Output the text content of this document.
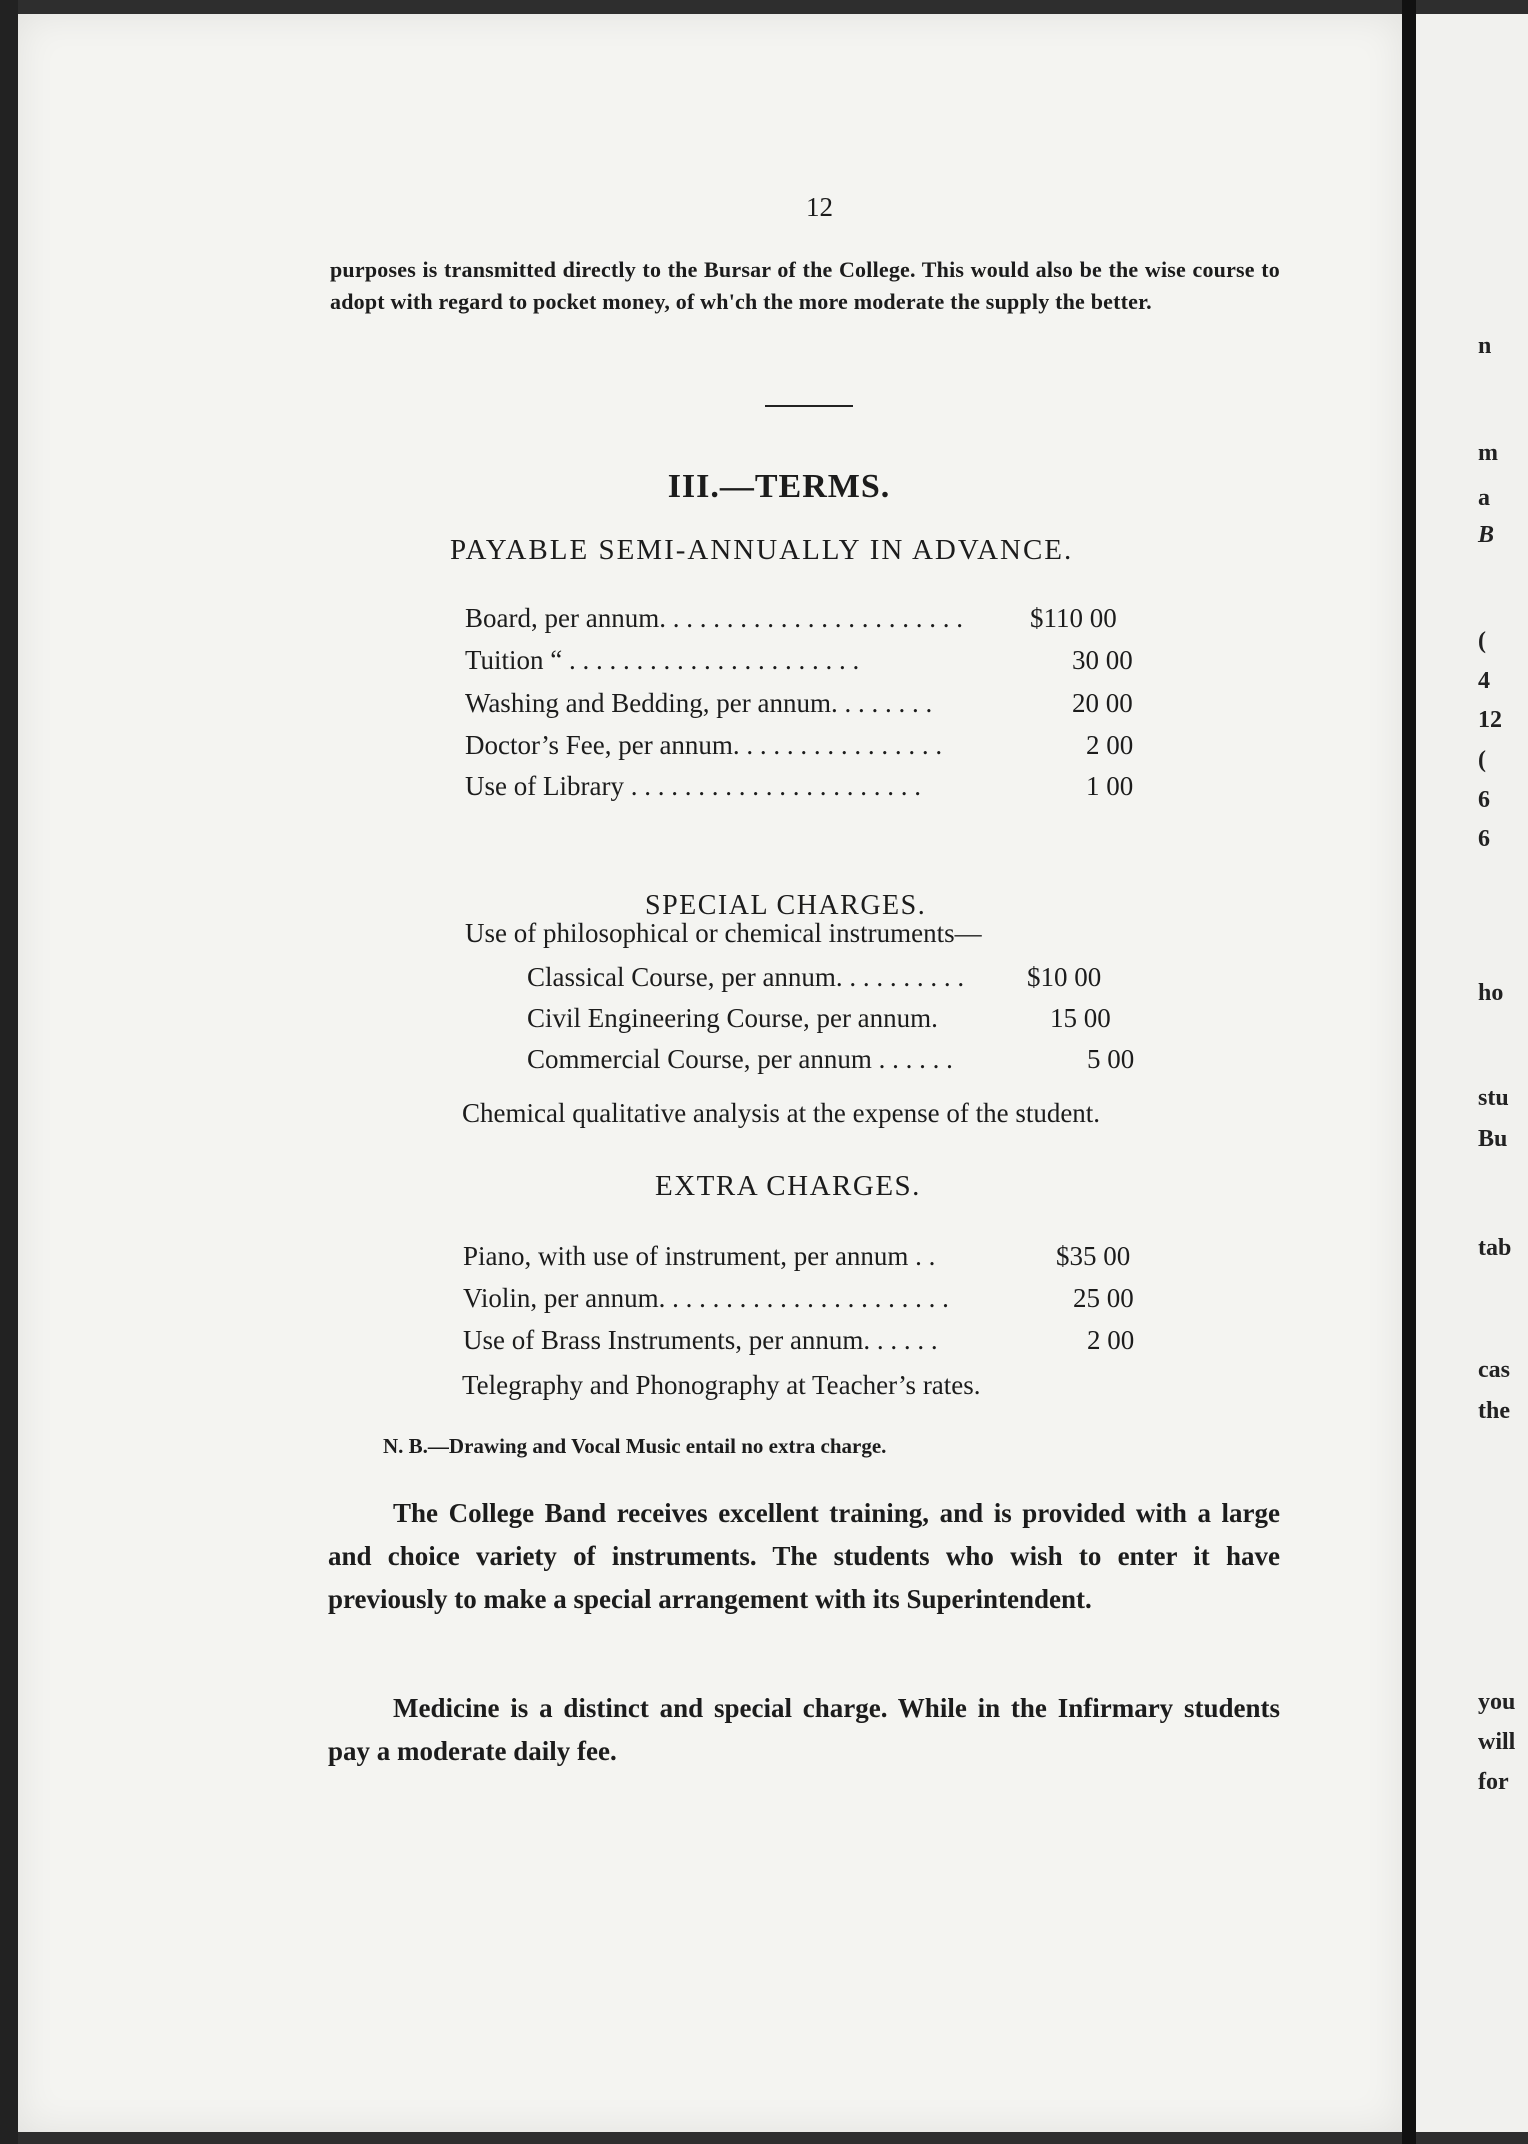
12
purposes is transmitted directly to the Bursar of the College. This would also be the wise course to adopt with regard to pocket money, of wh'ch the more moderate the supply the better.
III.—TERMS.
PAYABLE SEMI-ANNUALLY IN ADVANCE.
Board, per annum. . . . . . . . . . . . . . . . . . . . . . . $110 00
Tuition “ . . . . . . . . . . . . . . . . . . . . . .	30 00
Washing and Bedding, per annum. . . . . . . .	20 00
Doctor’s Fee, per annum. . . . . . . . . . . . . . . .	2 00
Use of Library . . . . . . . . . . . . . . . . . . . . . .	1 00
SPECIAL CHARGES.
Use of philosophical or chemical instruments—
Classical Course, per annum. . . . . . . . . . $10 00
Civil Engineering Course, per annum.	15 00
Commercial Course, per annum . . . . . .	5 00
Chemical qualitative analysis at the expense of the student.
EXTRA CHARGES.
Piano, with use of instrument, per annum . .	$35 00
Violin, per annum. . . . . . . . . . . . . . . . . . . . . .	25 00
Use of Brass Instruments, per annum. . . . . .	2 00
Telegraphy and Phonography at Teacher’s rates.
N. B.—Drawing and Vocal Music entail no extra charge.
The College Band receives excellent training, and is provided with a large and choice variety of instruments. The students who wish to enter it have previously to make a special arrangement with its Superintendent.
Medicine is a distinct and special charge. While in the Infirmary students pay a moderate daily fee.
n
m
a
B
(
4
12
(
6
6
ho
stu
Bu
tab
cas
the
you
will
for
